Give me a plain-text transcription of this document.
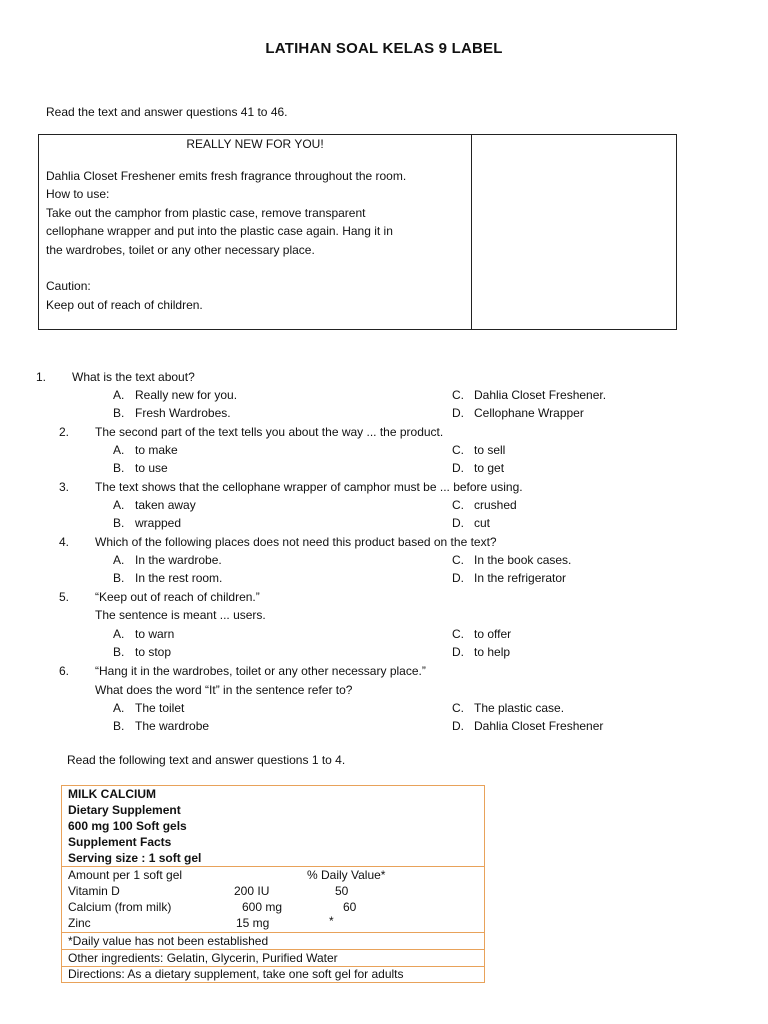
LATIHAN SOAL KELAS 9 LABEL
Read the text and answer questions 41 to 46.
REALLY NEW FOR YOU!
Dahlia Closet Freshener emits fresh fragrance throughout the room.
How to use:
Take out the camphor from plastic case, remove transparent
cellophane wrapper and put into the plastic case again. Hang it in
the wardrobes, toilet or any other necessary place.
Caution:
Keep out of reach of children.
1. What is the text about?
A. Really new for you.	C. Dahlia Closet Freshener.
B. Fresh Wardrobes.	D. Cellophane Wrapper
2. The second part of the text tells you about the way ... the product.
A. to make	C. to sell
B. to use	D. to get
3. The text shows that the cellophane wrapper of camphor must be ... before using.
A. taken away	C. crushed
B. wrapped	D. cut
4. Which of the following places does not need this product based on the text?
A. In the wardrobe.	C. In the book cases.
B. In the rest room.	D. In the refrigerator
5. “Keep out of reach of children.”
The sentence is meant ... users.
A. to warn	C. to offer
B. to stop	D. to help
6. “Hang it in the wardrobes, toilet or any other necessary place.”
What does the word “It” in the sentence refer to?
A. The toilet	C. The plastic case.
B. The wardrobe	D. Dahlia Closet Freshener
Read the following text and answer questions 1 to 4.
MILK CALCIUM
Dietary Supplement
600 mg 100 Soft gels
Supplement Facts
Serving size : 1 soft gel
Amount per 1 soft gel	% Daily Value*
Vitamin D	200 IU	50
Calcium (from milk)	600 mg	60
Zinc	15 mg	*
*Daily value has not been established
Other ingredients: Gelatin, Glycerin, Purified Water
Directions: As a dietary supplement, take one soft gel for adults
